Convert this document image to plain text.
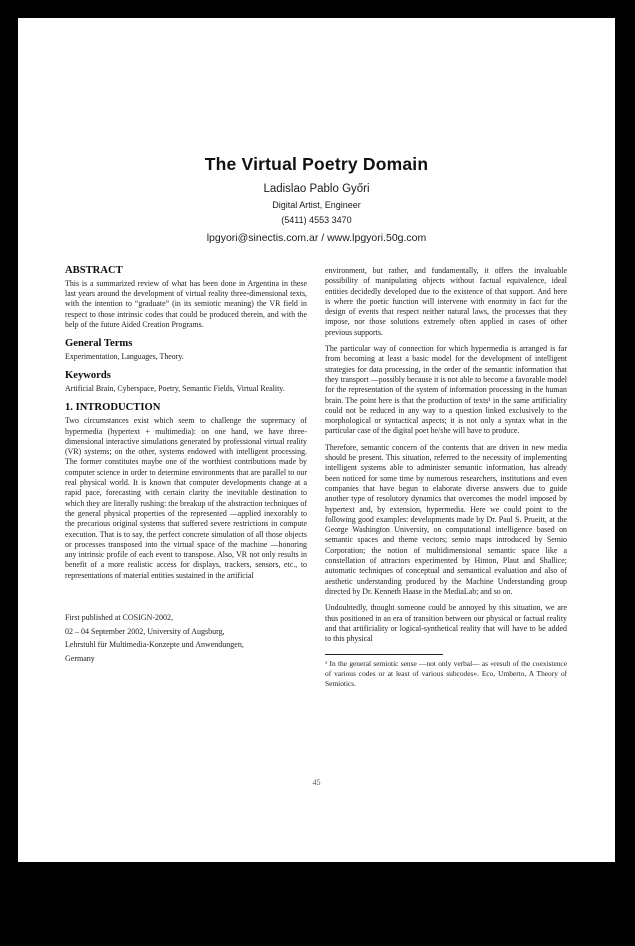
The Virtual Poetry Domain
Ladislao Pablo Győri
Digital Artist, Engineer
(5411) 4553 3470
lpgyori@sinectis.com.ar / www.lpgyori.50g.com
ABSTRACT

This is a summarized review of what has been done in Argentina in these last years around the development of virtual reality three-dimensional texts, with the intention to “graduate” (in its semiotic meaning) the VR field in respect to those intrinsic codes that could be produced therein, and with the help of the future Aided Creation Programs.

General Terms

Experimentation, Languages, Theory.

Keywords

Artificial Brain, Cyberspace, Poetry, Semantic Fields, Virtual Reality.

1. INTRODUCTION

Two circumstances exist which seem to challenge the supremacy of hypermedia (hypertext + multimedia): on one hand, we have three-dimensional interactive simulations generated by professional virtual reality (VR) systems; on the other, systems endowed with intelligent processing. The former constitutes maybe one of the worthiest contributions made by computer science in order to determine environments that are parallel to our real physical world. It is known that computer developments change at a rapid pace, forecasting with certain clarity the inevitable destination to which they are literally rushing: the breakup of the abstraction techniques of the general physical properties of the represented —applied inexorably to the precarious original systems that suffered severe restrictions in compute execution. That is to say, the perfect concrete simulation of all those objects or processes transposed into the virtual space of the machine —honoring any intrinsic profile of each event to transpose. Also, VR not only results in benefit of a more realistic access for displays, trackers, sensors, etc., to representations of material entities sustained in the artificial

First published at COSIGN-2002,
02 – 04 September 2002, University of Augsburg,
Lehrstuhl für Multimedia-Konzepte und Anwendungen,
Germany

environment, but rather, and fundamentally, it offers the invaluable possibility of manipulating objects without factual equivalence, ideal entities decidedly developed due to the existence of that support. And here is where the poetic function will intervene with enormity in fact for the design of events that respect neither natural laws, the processes that they impose, nor those solutions extremely often applied in cases of other previous supports.

The particular way of connection for which hypermedia is arranged is far from becoming at least a basic model for the development of intelligent strategies for data processing, in the order of the semantic information that they transport —possibly because it is not able to become a favorable model for the representation of the system of information processing in the human brain. The point here is that the production of texts¹ in the same artificiality could not be reduced in any way to a question linked exclusively to the morphological or syntactical aspects; it is not only a syntax what in the particular case of the digital poet he/she will have to produce.

Therefore, semantic concern of the contents that are driven in new media should be present. This situation, referred to the necessity of implementing intelligent systems able to administer semantic information, has already been noticed for some time by numerous researchers, institutions and even companies that have begun to elaborate diverse answers due to guide another type of resolutory dynamics that overcomes the model imposed by hypertext and, by extension, hypermedia. Here we could point to the following good examples: developments made by Dr. Paul S. Prueitt, at the George Washington University, on computational intelligence based on semantic spaces and theme vectors; semio maps introduced by Semio Corporation; the notion of multidimensional semantic space like a constellation of attractors experimented by Hinton, Plaut and Shallice; automatic techniques of conceptual and semantical evaluation and also of aesthetic understanding produced by the Machine Understanding group directed by Dr. Kenneth Haase in the MediaLab; and so on.

Undoubtedly, thought someone could be annoyed by this situation, we are thus positioned in an era of transition between our physical or factual reality and that artificiality or logical-synthetical reality that will have to be added to this physical

¹ In the general semiotic sense —not only verbal— as «result of the coexistence of various codes or at least of various subcodes». Eco, Umberto, A Theory of Semiotics.

45
